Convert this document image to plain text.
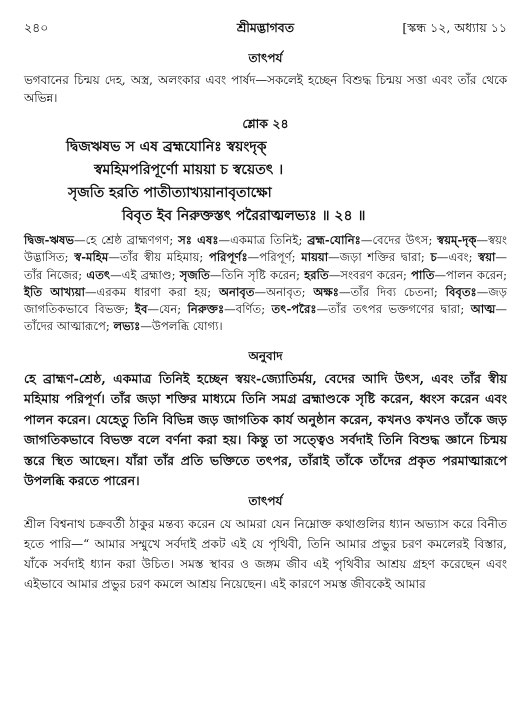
২৪০	শ্রীমদ্ভাগবত	[স্কন্ধ ১২, অধ্যায় ১১

তাৎপর্য

ভগবানের চিন্ময় দেহ, অস্ত্র, অলংকার এবং পার্ষদ—সকলেই হচ্ছেন বিশুদ্ধ চিন্ময় সত্তা এবং তাঁর থেকে অভিন্ন।

শ্লোক ২৪

দ্বিজঋষভ স এষ ব্রহ্মযোনিঃ স্বয়ংদৃক্

স্বমহিমপরিপূর্ণো মায়য়া চ স্বয়েতৎ ।

সৃজতি হরতি পাতীত্যাখ্যয়ানাবৃতাক্ষো

বিবৃত ইব নিরুক্তস্তৎ পরৈরাত্মলভ্যঃ ॥ ২৪ ॥

দ্বিজ-ঋষভ—হে শ্রেষ্ঠ ব্রাহ্মণগণ; সঃ এষঃ—একমাত্র তিনিই; ব্রহ্ম-যোনিঃ—বেদের উৎস; স্বয়ম্-দৃক্—স্বয়ং উদ্ভাসিত; স্ব-মহিম—তাঁর স্বীয় মহিমায়; পরিপূর্ণঃ—পরিপূর্ণ; মায়য়া—জড়া শক্তির দ্বারা; চ—এবং; স্বয়া—তাঁর নিজের; এতৎ—এই ব্রহ্মাণ্ড; সৃজতি—তিনি সৃষ্টি করেন; হরতি—সংবরণ করেন; পাতি—পালন করেন; ইতি আখ্যয়া—এরকম ধারণা করা হয়; অনাবৃত—অনাবৃত; অক্ষঃ—তাঁর দিব্য চেতনা; বিবৃতঃ—জড় জাগতিকভাবে বিভক্ত; ইব—যেন; নিরুক্তঃ—বর্ণিত; তৎ-পরৈঃ—তাঁর তৎপর ভক্তগণের দ্বারা; আত্ম—তাঁদের আত্মারূপে; লভ্যঃ—উপলব্ধি যোগ্য।

অনুবাদ

হে ব্রাহ্মণ-শ্রেষ্ঠ, একমাত্র তিনিই হচ্ছেন স্বয়ং-জ্যোতির্ময়, বেদের আদি উৎস, এবং তাঁর স্বীয় মহিমায় পরিপূর্ণ। তাঁর জড়া শক্তির মাধ্যমে তিনি সমগ্র ব্রহ্মাণ্ডকে সৃষ্টি করেন, ধ্বংস করেন এবং পালন করেন। যেহেতু তিনি বিভিন্ন জড় জাগতিক কার্য অনুষ্ঠান করেন, কখনও কখনও তাঁকে জড় জাগতিকভাবে বিভক্ত বলে বর্ণনা করা হয়। কিন্তু তা সত্ত্বেও সর্বদাই তিনি বিশুদ্ধ জ্ঞানে চিন্ময় স্তরে স্থিত আছেন। যাঁরা তাঁর প্রতি ভক্তিতে তৎপর, তাঁরাই তাঁকে তাঁদের প্রকৃত পরমাত্মারূপে উপলব্ধি করতে পারেন।

তাৎপর্য

শ্রীল বিশ্বনাথ চক্রবর্তী ঠাকুর মন্তব্য করেন যে আমরা যেন নিম্নোক্ত কথাগুলির ধ্যান অভ্যাস করে বিনীত হতে পারি—“ আমার সম্মুখে সর্বদাই প্রকট এই যে পৃথিবী, তিনি আমার প্রভুর চরণ কমলেরই বিস্তার, যাঁকে সর্বদাই ধ্যান করা উচিত। সমস্ত স্থাবর ও জঙ্গম জীব এই পৃথিবীর আশ্রয় গ্রহণ করেছেন এবং এইভাবে আমার প্রভুর চরণ কমলে আশ্রয় নিয়েছেন। এই কারণে সমস্ত জীবকেই আমার
